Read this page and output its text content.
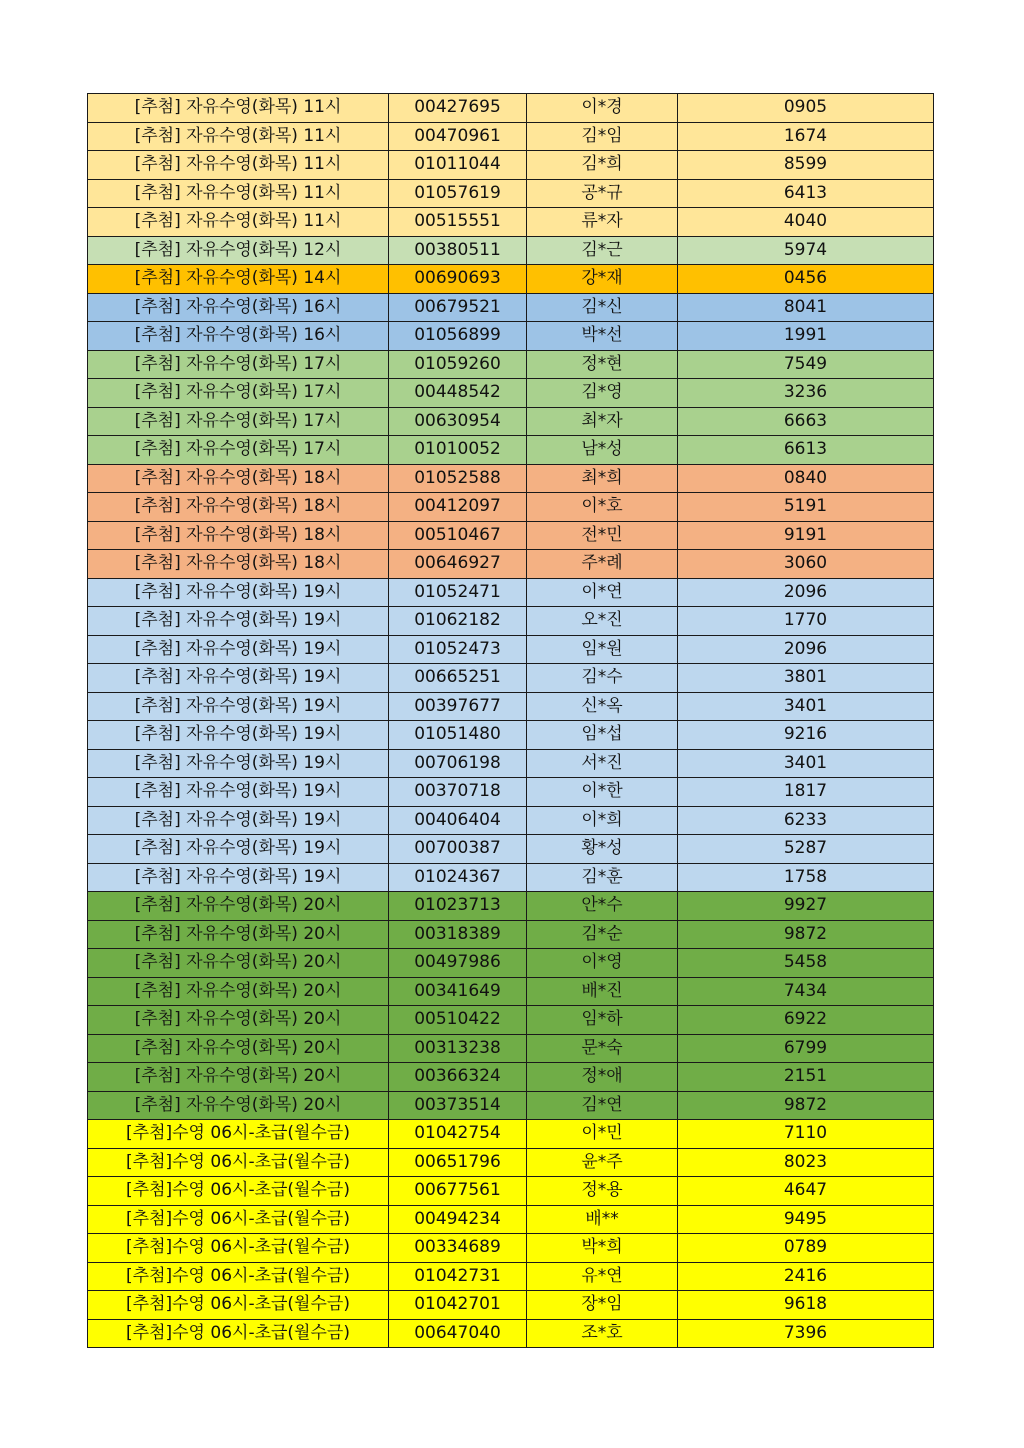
[추첨] 자유수영(화목) 11시	00427695	이*경	0905
[추첨] 자유수영(화목) 11시	00470961	김*임	1674
[추첨] 자유수영(화목) 11시	01011044	김*희	8599
[추첨] 자유수영(화목) 11시	01057619	공*규	6413
[추첨] 자유수영(화목) 11시	00515551	류*자	4040
[추첨] 자유수영(화목) 12시	00380511	김*근	5974
[추첨] 자유수영(화목) 14시	00690693	강*재	0456
[추첨] 자유수영(화목) 16시	00679521	김*신	8041
[추첨] 자유수영(화목) 16시	01056899	박*선	1991
[추첨] 자유수영(화목) 17시	01059260	정*현	7549
[추첨] 자유수영(화목) 17시	00448542	김*영	3236
[추첨] 자유수영(화목) 17시	00630954	최*자	6663
[추첨] 자유수영(화목) 17시	01010052	남*성	6613
[추첨] 자유수영(화목) 18시	01052588	최*희	0840
[추첨] 자유수영(화목) 18시	00412097	이*호	5191
[추첨] 자유수영(화목) 18시	00510467	전*민	9191
[추첨] 자유수영(화목) 18시	00646927	주*례	3060
[추첨] 자유수영(화목) 19시	01052471	이*연	2096
[추첨] 자유수영(화목) 19시	01062182	오*진	1770
[추첨] 자유수영(화목) 19시	01052473	임*원	2096
[추첨] 자유수영(화목) 19시	00665251	김*수	3801
[추첨] 자유수영(화목) 19시	00397677	신*옥	3401
[추첨] 자유수영(화목) 19시	01051480	임*섭	9216
[추첨] 자유수영(화목) 19시	00706198	서*진	3401
[추첨] 자유수영(화목) 19시	00370718	이*한	1817
[추첨] 자유수영(화목) 19시	00406404	이*희	6233
[추첨] 자유수영(화목) 19시	00700387	황*성	5287
[추첨] 자유수영(화목) 19시	01024367	김*훈	1758
[추첨] 자유수영(화목) 20시	01023713	안*수	9927
[추첨] 자유수영(화목) 20시	00318389	김*순	9872
[추첨] 자유수영(화목) 20시	00497986	이*영	5458
[추첨] 자유수영(화목) 20시	00341649	배*진	7434
[추첨] 자유수영(화목) 20시	00510422	임*하	6922
[추첨] 자유수영(화목) 20시	00313238	문*숙	6799
[추첨] 자유수영(화목) 20시	00366324	정*애	2151
[추첨] 자유수영(화목) 20시	00373514	김*연	9872
[추첨]수영 06시-초급(월수금)	01042754	이*민	7110
[추첨]수영 06시-초급(월수금)	00651796	윤*주	8023
[추첨]수영 06시-초급(월수금)	00677561	정*용	4647
[추첨]수영 06시-초급(월수금)	00494234	배**	9495
[추첨]수영 06시-초급(월수금)	00334689	박*희	0789
[추첨]수영 06시-초급(월수금)	01042731	유*연	2416
[추첨]수영 06시-초급(월수금)	01042701	장*임	9618
[추첨]수영 06시-초급(월수금)	00647040	조*호	7396
